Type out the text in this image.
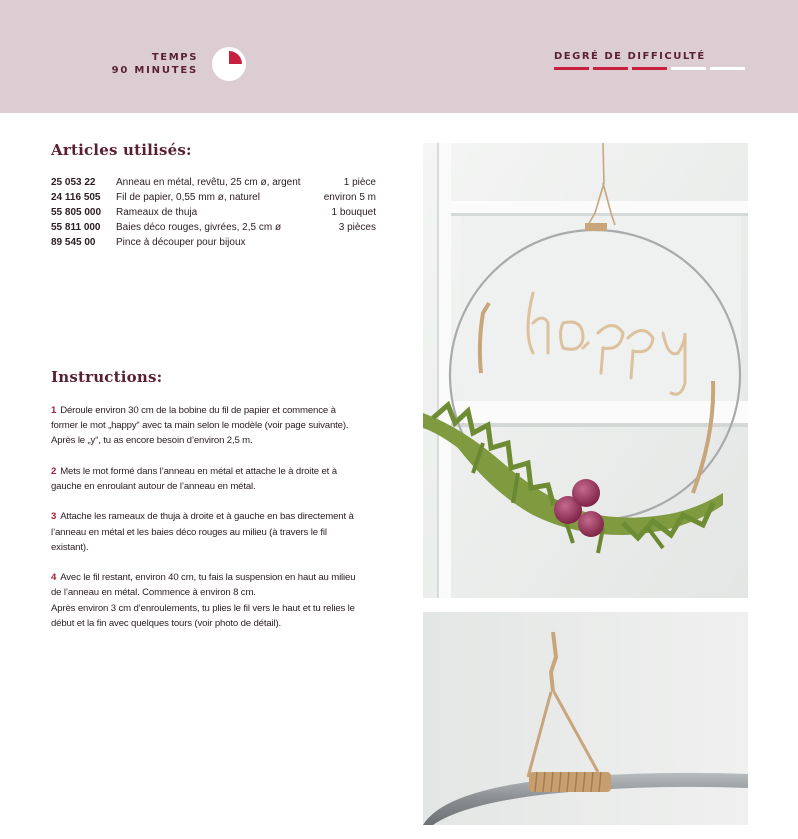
TEMPS
90 MINUTES
DEGRÉ DE DIFFICULTÉ
Articles utilisés:
25 053 22	Anneau en métal, revêtu, 25 cm ø, argent	1 pièce
24 116 505	Fil de papier, 0,55 mm ø, naturel	environ 5 m
55 805 000	Rameaux de thuja	1 bouquet
55 811 000	Baies déco rouges, givrées, 2,5 cm ø	3 pièces
89 545 00	Pince à découper pour bijoux
Instructions:
1 Déroule environ 30 cm de la bobine du fil de papier et commence à
former le mot „happy“ avec ta main selon le modèle (voir page suivante).
Après le „y“, tu as encore besoin d’environ 2,5 m.
2 Mets le mot formé dans l’anneau en métal et attache le à droite et à
gauche en enroulant autour de l’anneau en métal.
3 Attache les rameaux de thuja à droite et à gauche en bas directement à
l’anneau en métal et les baies déco rouges au milieu (à travers le fil
existant).
4 Avec le fil restant, environ 40 cm, tu fais la suspension en haut au milieu
de l’anneau en métal. Commence à environ 8 cm.
Après environ 3 cm d’enroulements, tu plies le fil vers le haut et tu relies le
début et la fin avec quelques tours (voir photo de détail).
